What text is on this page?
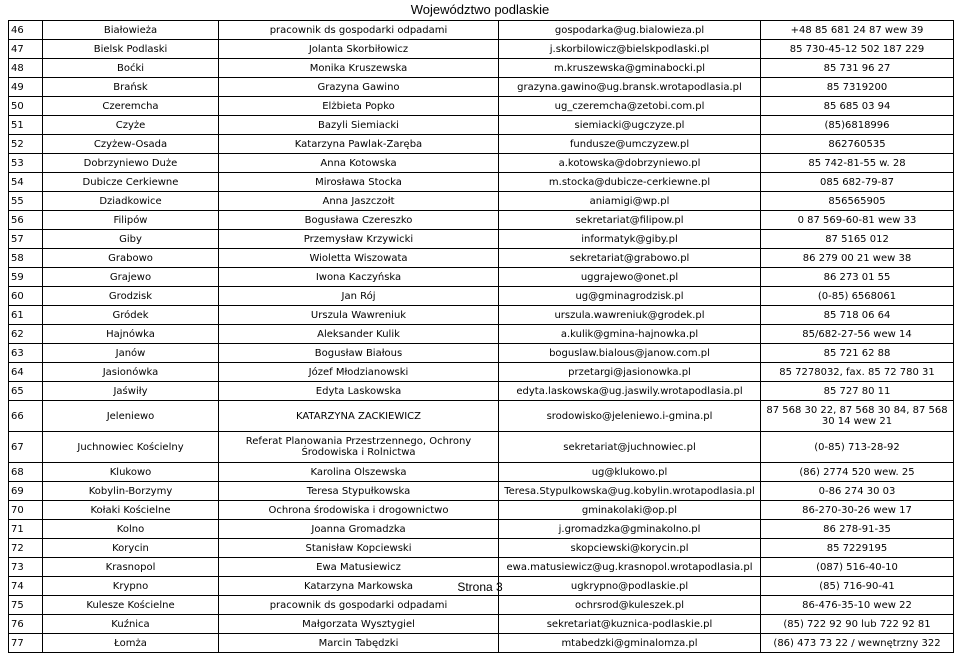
Województwo podlaskie
46	Białowieża	pracownik ds gospodarki odpadami	gospodarka@ug.bialowieza.pl	+48 85 681 24 87 wew 39
47	Bielsk Podlaski	Jolanta Skorbiłowicz	j.skorbilowicz@bielskpodlaski.pl	85 730-45-12 502 187 229
48	Boćki	Monika Kruszewska	m.kruszewska@gminabocki.pl	85 731 96 27
49	Brańsk	Grazyna Gawino	grazyna.gawino@ug.bransk.wrotapodlasia.pl	85 7319200
50	Czeremcha	Elżbieta Popko	ug_czeremcha@zetobi.com.pl	85 685 03 94
51	Czyże	Bazyli Siemiacki	siemiacki@ugczyze.pl	(85)6818996
52	Czyżew-Osada	Katarzyna Pawlak-Zaręba	fundusze@umczyzew.pl	862760535
53	Dobrzyniewo Duże	Anna Kotowska	a.kotowska@dobrzyniewo.pl	85 742-81-55 w. 28
54	Dubicze Cerkiewne	Mirosława Stocka	m.stocka@dubicze-cerkiewne.pl	085 682-79-87
55	Dziadkowice	Anna Jaszczołt	aniamigi@wp.pl	856565905
56	Filipów	Bogusława Czereszko	sekretariat@filipow.pl	0 87 569-60-81 wew 33
57	Giby	Przemysław Krzywicki	informatyk@giby.pl	87 5165 012
58	Grabowo	Wioletta Wiszowata	sekretariat@grabowo.pl	86 279 00 21 wew 38
59	Grajewo	Iwona Kaczyńska	uggrajewo@onet.pl	86 273 01 55
60	Grodzisk	Jan Rój	ug@gminagrodzisk.pl	(0-85) 6568061
61	Gródek	Urszula Wawreniuk	urszula.wawreniuk@grodek.pl	85 718 06 64
62	Hajnówka	Aleksander Kulik	a.kulik@gmina-hajnowka.pl	85/682-27-56 wew 14
63	Janów	Bogusław Białous	boguslaw.bialous@janow.com.pl	85 721 62 88
64	Jasionówka	Józef Młodzianowski	przetargi@jasionowka.pl	85 7278032, fax. 85 72 780 31
65	Jaświły	Edyta Laskowska	edyta.laskowska@ug.jaswily.wrotapodlasia.pl	85 727 80 11
66	Jeleniewo	KATARZYNA ZACKIEWICZ	srodowisko@jeleniewo.i-gmina.pl	87 568 30 22, 87 568 30 84, 87 568 30 14 wew 21
67	Juchnowiec Kościelny	Referat Planowania Przestrzennego, Ochrony Środowiska i Rolnictwa	sekretariat@juchnowiec.pl	(0-85) 713-28-92
68	Klukowo	Karolina Olszewska	ug@klukowo.pl	(86) 2774 520 wew. 25
69	Kobylin-Borzymy	Teresa Stypułkowska	Teresa.Stypulkowska@ug.kobylin.wrotapodlasia.pl	0-86 274 30 03
70	Kołaki Kościelne	Ochrona środowiska i drogownictwo	gminakolaki@op.pl	86-270-30-26 wew 17
71	Kolno	Joanna Gromadzka	j.gromadzka@gminakolno.pl	86 278-91-35
72	Korycin	Stanisław Kopciewski	skopciewski@korycin.pl	85 7229195
73	Krasnopol	Ewa Matusiewicz	ewa.matusiewicz@ug.krasnopol.wrotapodlasia.pl	(087) 516-40-10
74	Krypno	Katarzyna Markowska	ugkrypno@podlaskie.pl	(85) 716-90-41
75	Kulesze Kościelne	pracownik ds gospodarki odpadami	ochrsrod@kuleszek.pl	86-476-35-10 wew 22
76	Kuźnica	Małgorzata Wysztygiel	sekretariat@kuznica-podlaskie.pl	(85) 722 92 90 lub 722 92 81
77	Łomża	Marcin Tabędzki	mtabedzki@gminalomza.pl	(86) 473 73 22 / wewnętrzny 322
Strona 3
